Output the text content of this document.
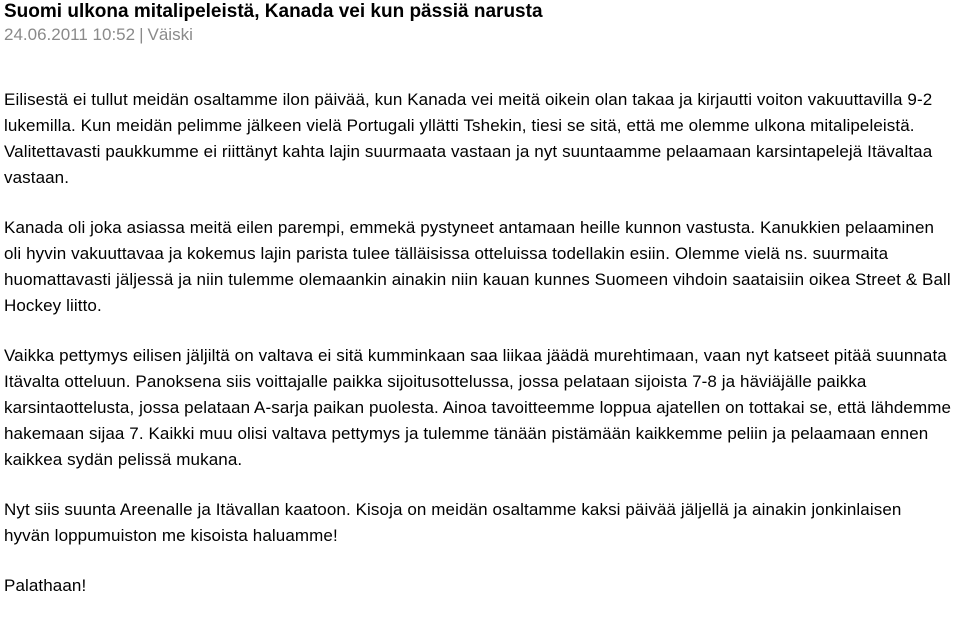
Suomi ulkona mitalipeleistä, Kanada vei kun pässiä narusta
24.06.2011 10:52 | Väiski

Eilisestä ei tullut meidän osaltamme ilon päivää, kun Kanada vei meitä oikein olan takaa ja kirjautti voiton vakuuttavilla 9-2 lukemilla. Kun meidän pelimme jälkeen vielä Portugali yllätti Tshekin, tiesi se sitä, että me olemme ulkona mitalipeleistä. Valitettavasti paukkumme ei riittänyt kahta lajin suurmaata vastaan ja nyt suuntaamme pelaamaan karsintapelejä Itävaltaa vastaan.

Kanada oli joka asiassa meitä eilen parempi, emmekä pystyneet antamaan heille kunnon vastusta. Kanukkien pelaaminen oli hyvin vakuuttavaa ja kokemus lajin parista tulee tälläisissa otteluissa todellakin esiin. Olemme vielä ns. suurmaita huomattavasti jäljessä ja niin tulemme olemaankin ainakin niin kauan kunnes Suomeen vihdoin saataisiin oikea Street & Ball Hockey liitto.

Vaikka pettymys eilisen jäljiltä on valtava ei sitä kumminkaan saa liikaa jäädä murehtimaan, vaan nyt katseet pitää suunnata Itävalta otteluun. Panoksena siis voittajalle paikka sijoitusottelussa, jossa pelataan sijoista 7-8 ja häviäjälle paikka karsintaottelusta, jossa pelataan A-sarja paikan puolesta. Ainoa tavoitteemme loppua ajatellen on tottakai se, että lähdemme hakemaan sijaa 7. Kaikki muu olisi valtava pettymys ja tulemme tänään pistämään kaikkemme peliin ja pelaamaan ennen kaikkea sydän pelissä mukana.

Nyt siis suunta Areenalle ja Itävallan kaatoon. Kisoja on meidän osaltamme kaksi päivää jäljellä ja ainakin jonkinlaisen hyvän loppumuiston me kisoista haluamme!

Palathaan!
